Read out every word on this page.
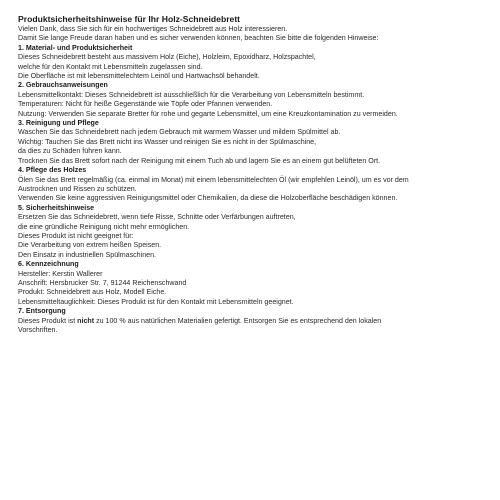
Produktsicherheitshinweise für Ihr Holz-Schneidebrett
Vielen Dank, dass Sie sich für ein hochwertiges Schneidebrett aus Holz interessieren.
Damit Sie lange Freude daran haben und es sicher verwenden können, beachten Sie bitte die folgenden Hinweise:
1. Material- und Produktsicherheit
Dieses Schneidebrett besteht aus massivem Holz (Eiche), Holzleim, Epoxidharz, Holzspachtel,
welche für den Kontakt mit Lebensmitteln zugelassen sind.
Die Oberfläche ist mit lebensmittelechtem Leinöl und Hartwachsöl behandelt.
2. Gebrauchsanweisungen
Lebensmittelkontakt: Dieses Schneidebrett ist ausschließlich für die Verarbeitung von Lebensmitteln bestimmt.
Temperaturen: Nicht für heiße Gegenstände wie Töpfe oder Pfannen verwenden.
Nutzung: Verwenden Sie separate Bretter für rohe und gegarte Lebensmittel, um eine Kreuzkontamination zu vermeiden.
3. Reinigung und Pflege
Waschen Sie das Schneidebrett nach jedem Gebrauch mit warmem Wasser und mildem Spülmittel ab.
Wichtig: Tauchen Sie das Brett nicht ins Wasser und reinigen Sie es nicht in der Spülmaschine,
da dies zu Schäden führen kann.
Trocknen Sie das Brett sofort nach der Reinigung mit einem Tuch ab und lagern Sie es an einem gut belüfteten Ort.
4. Pflege des Holzes
Ölen Sie das Brett regelmäßig (ca. einmal im Monat) mit einem lebensmittelechten Öl (wir empfehlen Leinöl), um es vor dem
Austrocknen und Rissen zu schützen.
Verwenden Sie keine aggressiven Reinigungsmittel oder Chemikalien, da diese die Holzoberfläche beschädigen können.
5. Sicherheitshinweise
Ersetzen Sie das Schneidebrett, wenn tiefe Risse, Schnitte oder Verfärbungen auftreten,
die eine gründliche Reinigung nicht mehr ermöglichen.
Dieses Produkt ist nicht geeignet für:
Die Verarbeitung von extrem heißen Speisen.
Den Einsatz in industriellen Spülmaschinen.
6. Kennzeichnung
Hersteller: Kerstin Wallerer
Anschrift: Hersbrucker Str. 7, 91244 Reichenschwand
Produkt: Schneidebrett aus Holz, Modell Eiche.
Lebensmitteltauglichkeit: Dieses Produkt ist für den Kontakt mit Lebensmitteln geeignet.
7. Entsorgung
Dieses Produkt ist nicht zu 100 % aus natürlichen Materialien gefertigt. Entsorgen Sie es entsprechend den lokalen
Vorschriften.
